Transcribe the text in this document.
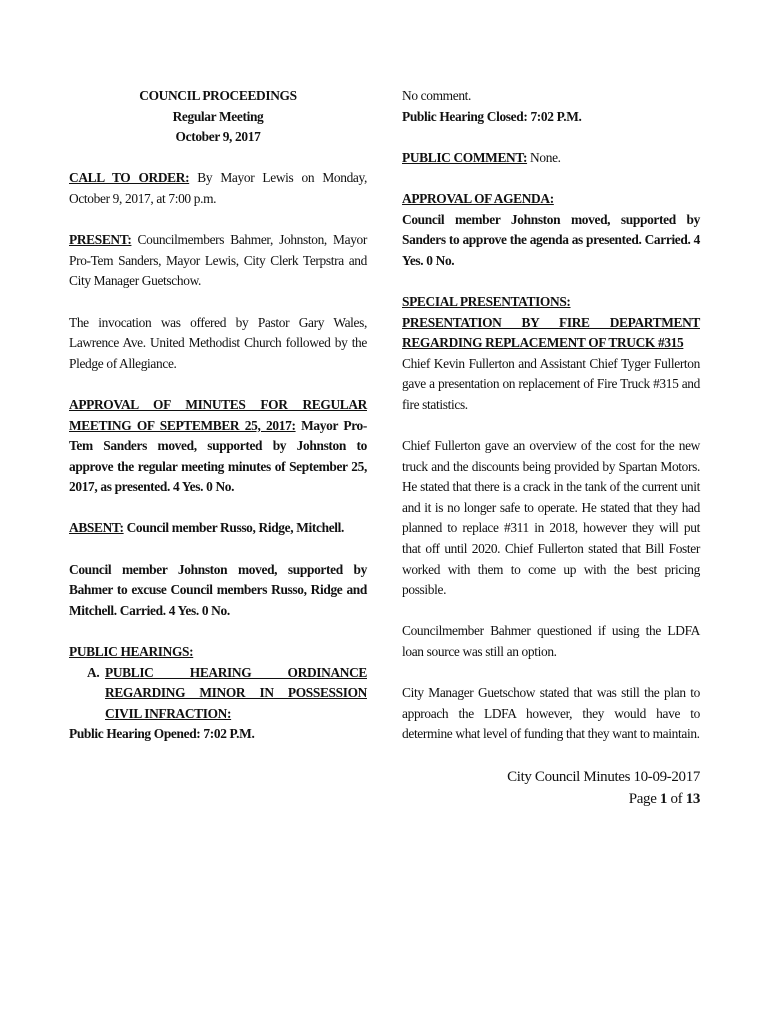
COUNCIL PROCEEDINGS
Regular Meeting
October 9, 2017

CALL TO ORDER: By Mayor Lewis on Monday, October 9, 2017, at 7:00 p.m.

PRESENT: Councilmembers Bahmer, Johnston, Mayor Pro-Tem Sanders, Mayor Lewis, City Clerk Terpstra and City Manager Guetschow.

The invocation was offered by Pastor Gary Wales, Lawrence Ave. United Methodist Church followed by the Pledge of Allegiance.

APPROVAL OF MINUTES FOR REGULAR MEETING OF SEPTEMBER 25, 2017: Mayor Pro-Tem Sanders moved, supported by Johnston to approve the regular meeting minutes of September 25, 2017, as presented. 4 Yes. 0 No.

ABSENT: Council member Russo, Ridge, Mitchell.

Council member Johnston moved, supported by Bahmer to excuse Council members Russo, Ridge and Mitchell. Carried. 4 Yes. 0 No.

PUBLIC HEARINGS:
A. PUBLIC HEARING ORDINANCE REGARDING MINOR IN POSSESSION CIVIL INFRACTION:
Public Hearing Opened: 7:02 P.M.
No comment.
Public Hearing Closed: 7:02 P.M.

PUBLIC COMMENT: None.

APPROVAL OF AGENDA:

Council member Johnston moved, supported by Sanders to approve the agenda as presented. Carried. 4 Yes. 0 No.

SPECIAL PRESENTATIONS:
PRESENTATION BY FIRE DEPARTMENT REGARDING REPLACEMENT OF TRUCK #315

Chief Kevin Fullerton and Assistant Chief Tyger Fullerton gave a presentation on replacement of Fire Truck #315 and fire statistics.

Chief Fullerton gave an overview of the cost for the new truck and the discounts being provided by Spartan Motors. He stated that there is a crack in the tank of the current unit and it is no longer safe to operate. He stated that they had planned to replace #311 in 2018, however they will put that off until 2020. Chief Fullerton stated that Bill Foster worked with them to come up with the best pricing possible.

Councilmember Bahmer questioned if using the LDFA loan source was still an option.

City Manager Guetschow stated that was still the plan to approach the LDFA however, they would have to determine what level of funding that they want to maintain.

City Council Minutes 10-09-2017
Page 1 of 13
